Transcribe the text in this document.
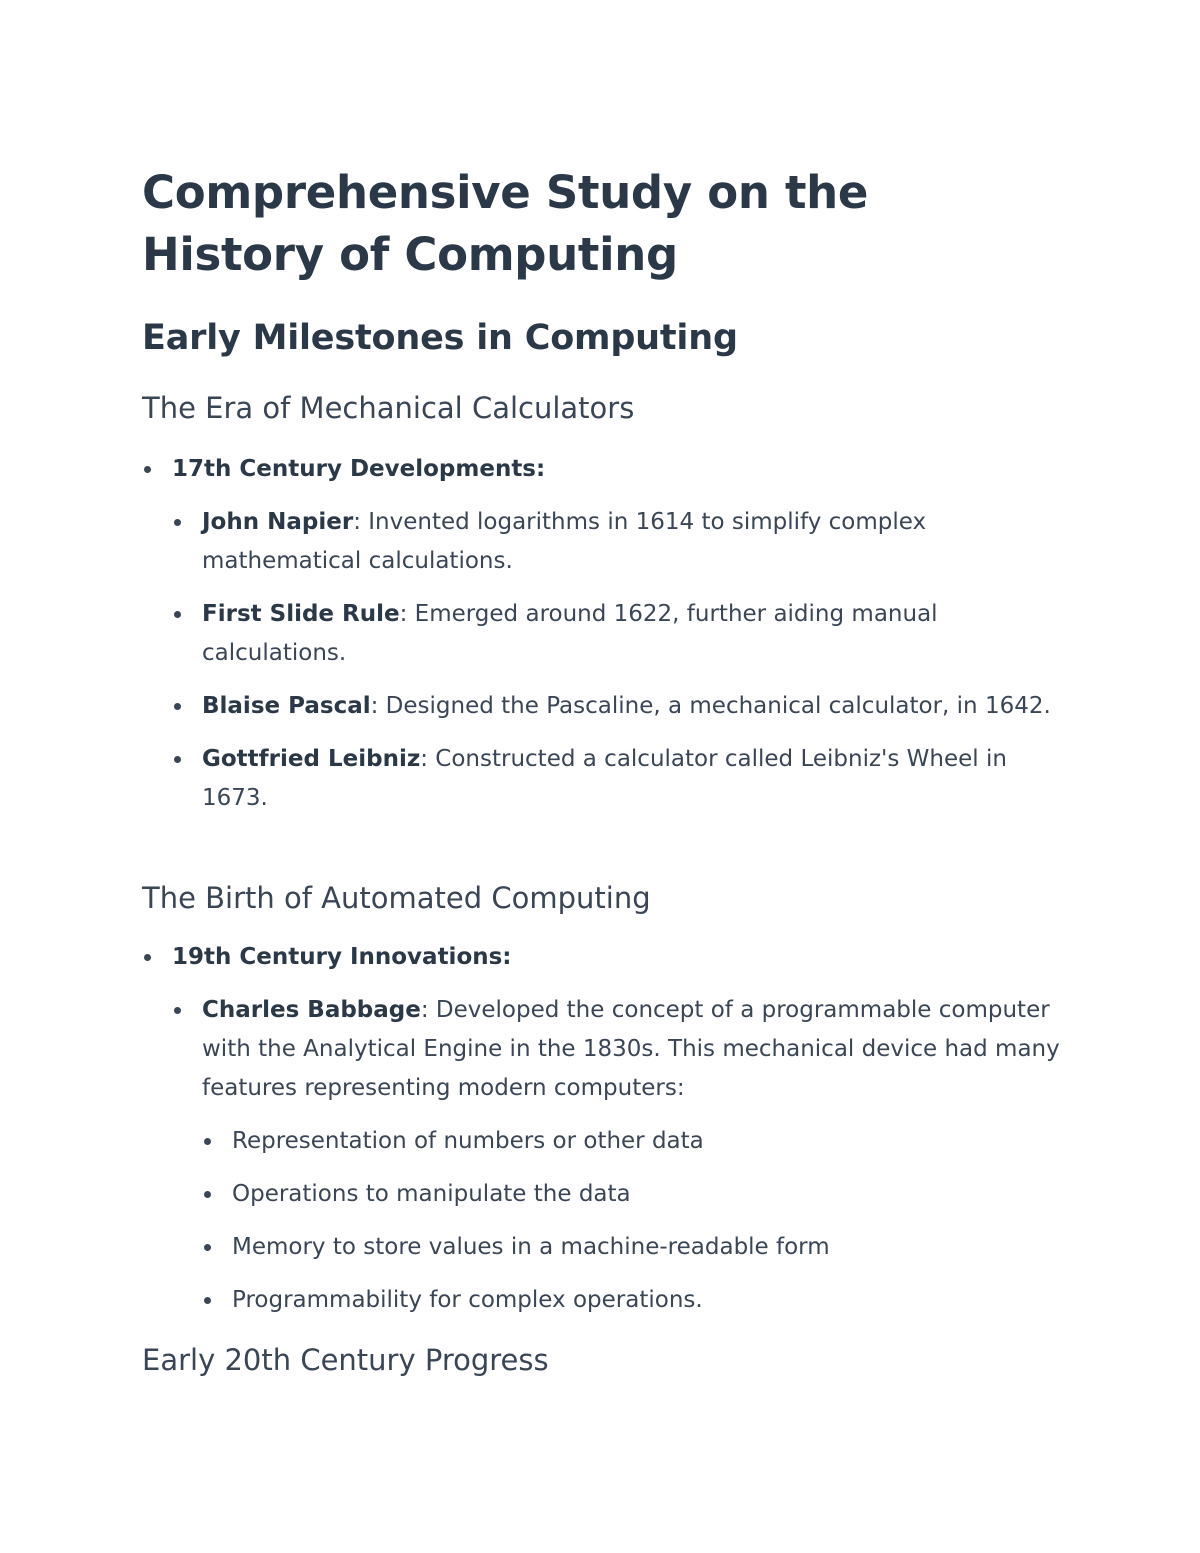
Comprehensive Study on the History of Computing
Early Milestones in Computing
The Era of Mechanical Calculators
17th Century Developments:
John Napier: Invented logarithms in 1614 to simplify complex mathematical calculations.
First Slide Rule: Emerged around 1622, further aiding manual calculations.
Blaise Pascal: Designed the Pascaline, a mechanical calculator, in 1642.
Gottfried Leibniz: Constructed a calculator called Leibniz's Wheel in 1673.
The Birth of Automated Computing
19th Century Innovations:
Charles Babbage: Developed the concept of a programmable computer with the Analytical Engine in the 1830s. This mechanical device had many features representing modern computers:
Representation of numbers or other data
Operations to manipulate the data
Memory to store values in a machine-readable form
Programmability for complex operations.
Early 20th Century Progress
